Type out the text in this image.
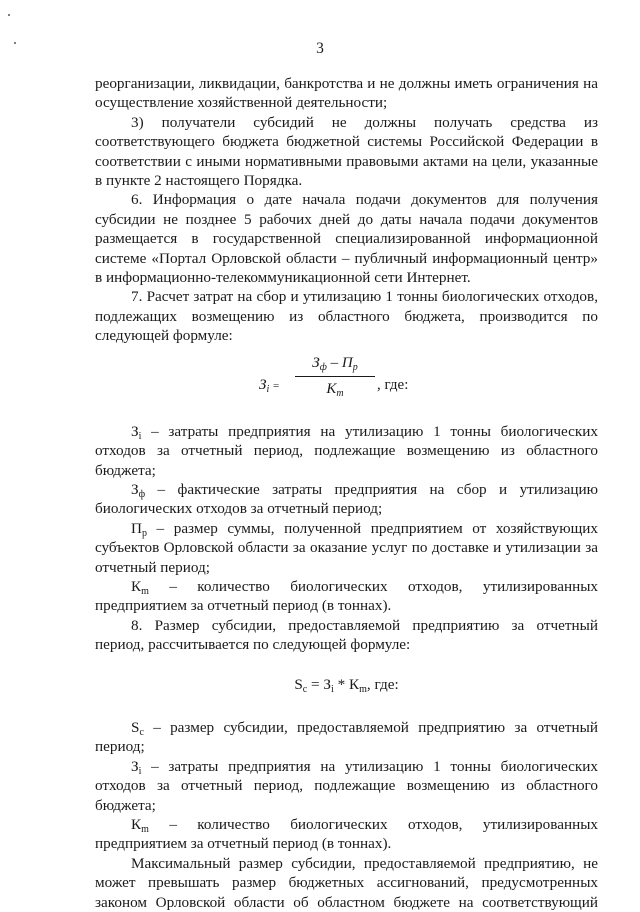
3

реорганизации, ликвидации, банкротства и не должны иметь ограничения на осуществление хозяйственной деятельности;

3) получатели субсидий не должны получать средства из соответствующего бюджета бюджетной системы Российской Федерации в соответствии с иными нормативными правовыми актами на цели, указанные в пункте 2 настоящего Порядка.

6. Информация о дате начала подачи документов для получения субсидии не позднее 5 рабочих дней до даты начала подачи документов размещается в государственной специализированной информационной системе «Портал Орловской области – публичный информационный центр» в информационно-телекоммуникационной сети Интернет.

7. Расчет затрат на сбор и утилизацию 1 тонны биологических отходов, подлежащих возмещению из областного бюджета, производится по следующей формуле:

$З_i$ =
$З_ф - П_р$
$К_т$
, где:

$З_i$ – затраты предприятия на утилизацию 1 тонны биологических отходов за отчетный период, подлежащие возмещению из областного бюджета;

$З_ф$ – фактические затраты предприятия на сбор и утилизацию биологических отходов за отчетный период;

$П_р$ – размер суммы, полученной предприятием от хозяйствующих субъектов Орловской области за оказание услуг по доставке и утилизации за отчетный период;

$К_m$ – количество биологических отходов, утилизированных предприятием за отчетный период (в тоннах).

8. Размер субсидии, предоставляемой предприятию за отчетный период, рассчитывается по следующей формуле:

$S_c = З_i * К_m$, где:

$S_c$ – размер субсидии, предоставляемой предприятию за отчетный период;

$З_i$ – затраты предприятия на утилизацию 1 тонны биологических отходов за отчетный период, подлежащие возмещению из областного бюджета;

$К_m$ – количество биологических отходов, утилизированных предприятием за отчетный период (в тоннах).

Максимальный размер субсидии, предоставляемой предприятию, не может превышать размер бюджетных ассигнований, предусмотренных законом Орловской области об областном бюджете на соответствующий
